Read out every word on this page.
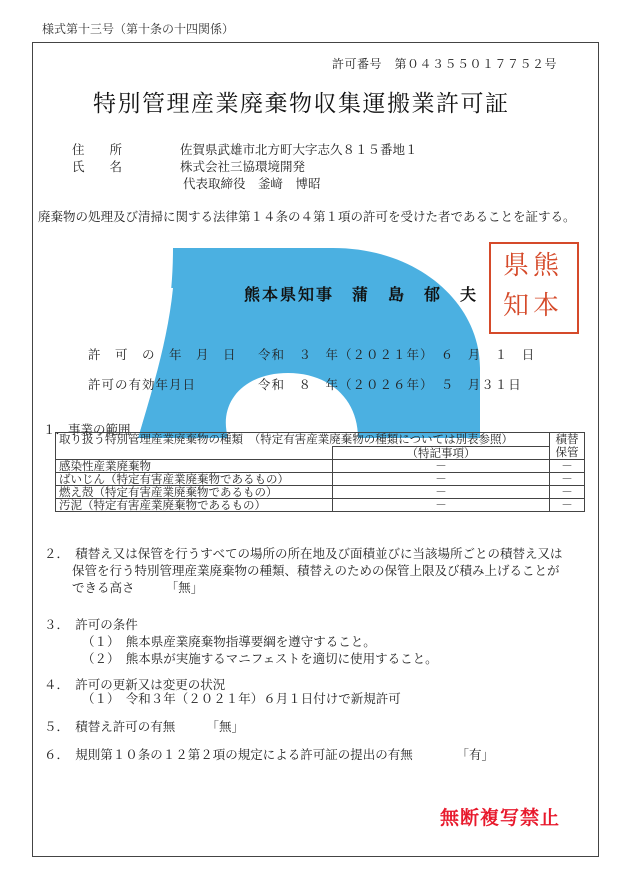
様式第十三号（第十条の十四関係）
許可番号　第０４３５５０１７７５２号
特別管理産業廃棄物収集運搬業許可証
住　　所	佐賀県武雄市北方町大字志久８１５番地１
氏　　名	株式会社三協環境開発
代表取締役　釜﨑　博昭
廃棄物の処理及び清掃に関する法律第１４条の４第１項の許可を受けた者であることを証する。
熊本県知事　蒲　島　郁　夫
熊
本
県
知
許　可　の　年　月　日 令和　３　年（２０２１年）　６　月　１　日
許可の有効年月日	令和　８　年（２０２６年）　５　月３１日
１．事業の範囲
取り扱う特別管理産業廃棄物の種類　（特定有害産業廃棄物の種類については別表参照）		積替保管
	（特記事項）	
感染性産業廃棄物	－	－
ばいじん（特定有害産業廃棄物であるもの）	－	－
燃え殻（特定有害産業廃棄物であるもの）	－	－
汚泥（特定有害産業廃棄物であるもの）	－	－
２．　積替え又は保管を行うすべての場所の所在地及び面積並びに当該場所ごとの積替え又は
保管を行う特別管理産業廃棄物の種類、積替えのための保管上限及び積み上げることが
できる高さ　　　「無」
３．　許可の条件
（１）　熊本県産業廃棄物指導要綱を遵守すること。
（２）　熊本県が実施するマニフェストを適切に使用すること。
４．　許可の更新又は変更の状況
（１）　令和３年（２０２１年）６月１日付けで新規許可
５．　積替え許可の有無　　　「無」
６．　規則第１０条の１２第２項の規定による許可証の提出の有無　　　　「有」
無断複写禁止
